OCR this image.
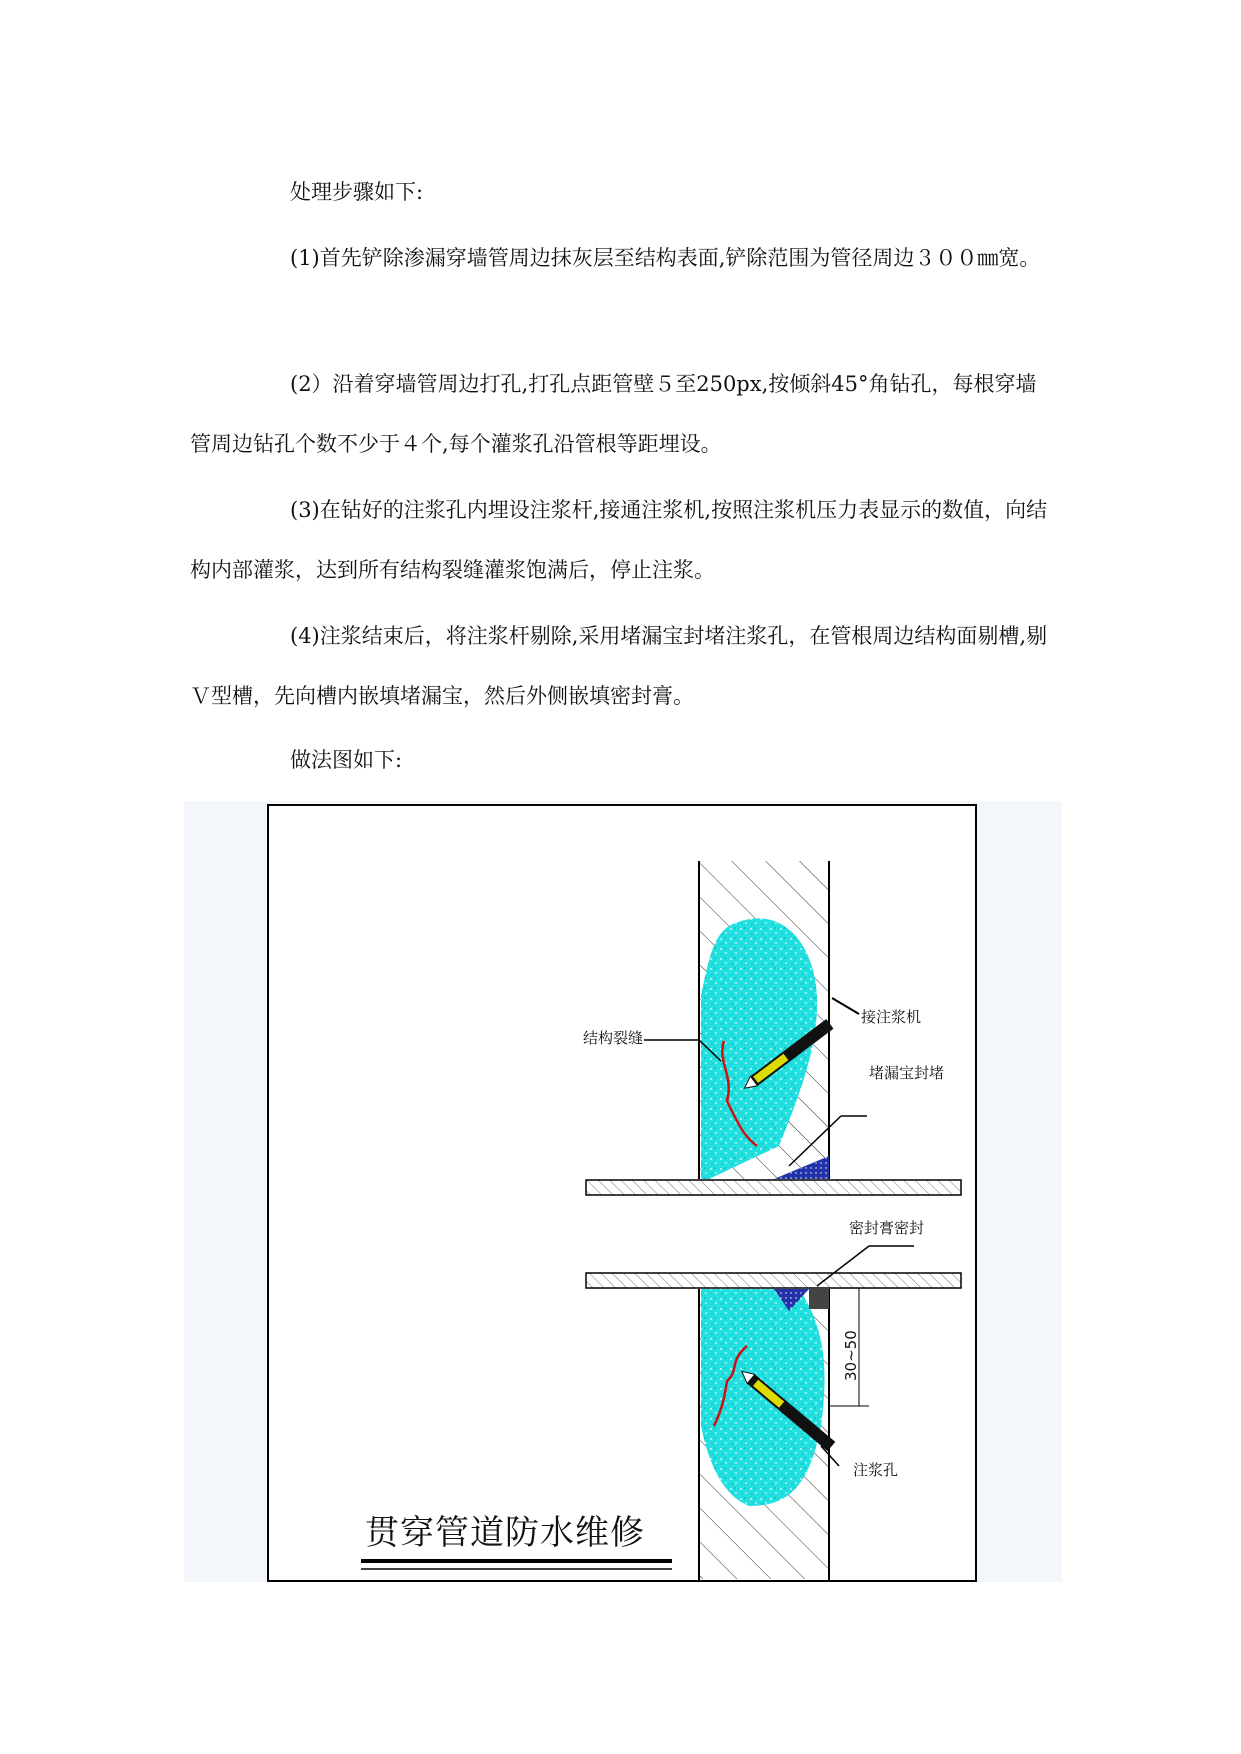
处理步骤如下:

(1)首先铲除渗漏穿墙管周边抹灰层至结构表面,铲除范围为管径周边３００㎜宽。

(2）沿着穿墙管周边打孔,打孔点距管壁５至250px,按倾斜45°角钻孔，每根穿墙管周边钻孔个数不少于４个,每个灌浆孔沿管根等距埋设。

(3)在钻好的注浆孔内埋设注浆杆,接通注浆机,按照注浆机压力表显示的数值，向结构内部灌浆，达到所有结构裂缝灌浆饱满后，停止注浆。

(4)注浆结束后，将注浆杆剔除,采用堵漏宝封堵注浆孔，在管根周边结构面剔槽,剔Ｖ型槽，先向槽内嵌填堵漏宝，然后外侧嵌填密封膏。

做法图如下:

接注浆机
结构裂缝
堵漏宝封堵
密封膏密封
30~50
注浆孔
贯穿管道防水维修
